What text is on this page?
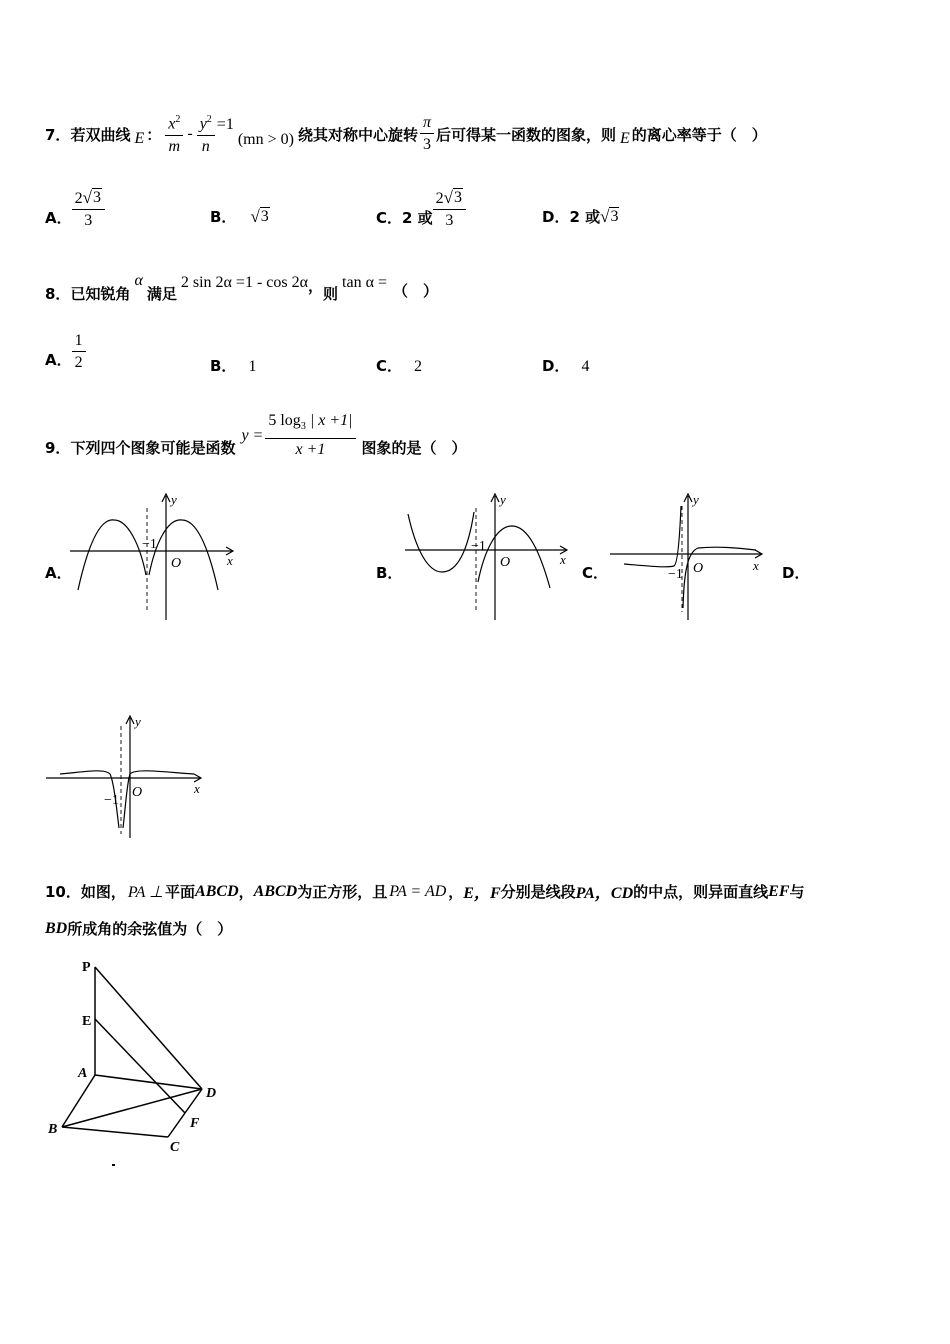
7． 若双曲线 E ： $\frac{x^2}{m} - \frac{y^2}{n} =1$
(mn > 0) 绕其对称中心旋转 $\frac{\pi}{3}$ 后可得某一函数的图象，则 E 的离心率等于（　）
A． $\frac{2 √ 3}{3}$	B． √ 3	C．2 或 $\frac{2 √ 3}{3}$	D．2 或 √ 3
8． 已知锐角
α
满足
2 sin 2α =1 - cos 2α ， 则
tan α = （　）
A． $\frac{1}{2}$	B． 1	C． 2	D． 4
9． 下列四个图象可能是函数
$y = \frac{5 \log_3 | x +1|}{x +1}$ 图象的是（　）
A．	B．	C．	D．
y
−1
O	x
y
−1
O	x
y
−1 O	x
y
−1
O	x
10． 如图， PA ⊥ 平面 ABCD ， ABCD 为正方形，且 PA = AD ， E，F 分别是线段 PA，CD 的中点，则异面直线 EF 与
BD 所成角的余弦值为（　）
P
E
A
B
C
D
F
